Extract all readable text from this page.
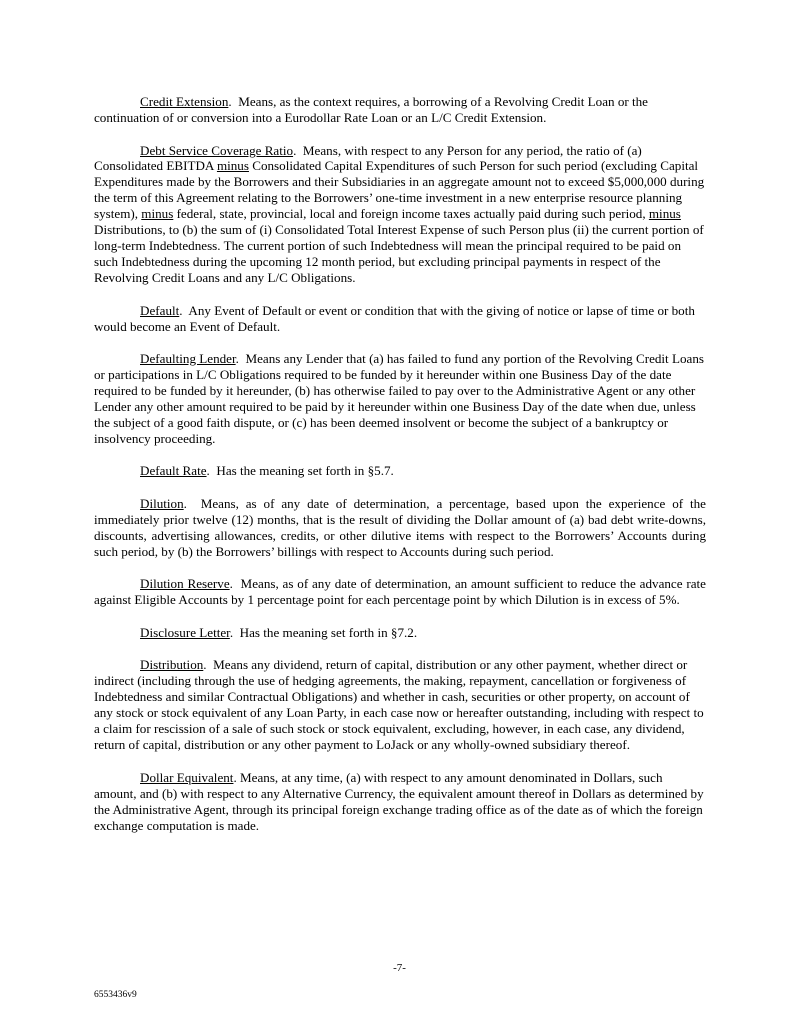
Credit Extension.  Means, as the context requires, a borrowing of a Revolving Credit Loan or the continuation of or conversion into a Eurodollar Rate Loan or an L/C Credit Extension.

Debt Service Coverage Ratio.  Means, with respect to any Person for any period, the ratio of (a) Consolidated EBITDA minus Consolidated Capital Expenditures of such Person for such period (excluding Capital Expenditures made by the Borrowers and their Subsidiaries in an aggregate amount not to exceed $5,000,000 during the term of this Agreement relating to the Borrowers’ one-time investment in a new enterprise resource planning system), minus federal, state, provincial, local and foreign income taxes actually paid during such period, minus Distributions, to (b) the sum of (i) Consolidated Total Interest Expense of such Person plus (ii) the current portion of long-term Indebtedness. The current portion of such Indebtedness will mean the principal required to be paid on such Indebtedness during the upcoming 12 month period, but excluding principal payments in respect of the Revolving Credit Loans and any L/C Obligations.

Default.  Any Event of Default or event or condition that with the giving of notice or lapse of time or both would become an Event of Default.

Defaulting Lender.  Means any Lender that (a) has failed to fund any portion of the Revolving Credit Loans or participations in L/C Obligations required to be funded by it hereunder within one Business Day of the date required to be funded by it hereunder, (b) has otherwise failed to pay over to the Administrative Agent or any other Lender any other amount required to be paid by it hereunder within one Business Day of the date when due, unless the subject of a good faith dispute, or (c) has been deemed insolvent or become the subject of a bankruptcy or insolvency proceeding.

Default Rate.  Has the meaning set forth in §5.7.

Dilution.  Means, as of any date of determination, a percentage, based upon the experience of the immediately prior twelve (12) months, that is the result of dividing the Dollar amount of (a) bad debt write-downs, discounts, advertising allowances, credits, or other dilutive items with respect to the Borrowers’ Accounts during such period, by (b) the Borrowers’ billings with respect to Accounts during such period.

Dilution Reserve.  Means, as of any date of determination, an amount sufficient to reduce the advance rate against Eligible Accounts by 1 percentage point for each percentage point by which Dilution is in excess of 5%.

Disclosure Letter.  Has the meaning set forth in §7.2.

Distribution.  Means any dividend, return of capital, distribution or any other payment, whether direct or indirect (including through the use of hedging agreements, the making, repayment, cancellation or forgiveness of Indebtedness and similar Contractual Obligations) and whether in cash, securities or other property, on account of any stock or stock equivalent of any Loan Party, in each case now or hereafter outstanding, including with respect to a claim for rescission of a sale of such stock or stock equivalent, excluding, however, in each case, any dividend, return of capital, distribution or any other payment to LoJack or any wholly-owned subsidiary thereof.

Dollar Equivalent. Means, at any time, (a) with respect to any amount denominated in Dollars, such amount, and (b) with respect to any Alternative Currency, the equivalent amount thereof in Dollars as determined by the Administrative Agent, through its principal foreign exchange trading office as of the date as of which the foreign exchange computation is made.

-7-
6553436v9
